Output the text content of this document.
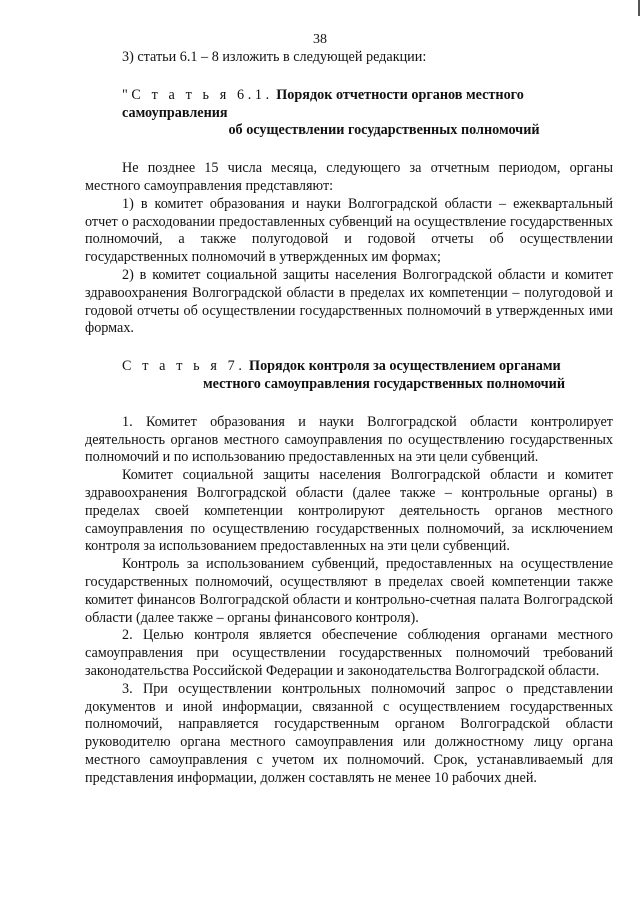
38

3) статьи 6.1 – 8 изложить в следующей редакции:

"С т а т ь я 6.1. Порядок отчетности органов местного самоуправления

об осуществлении государственных полномочий

Не позднее 15 числа месяца, следующего за отчетным периодом, органы местного самоуправления представляют:

1) в комитет образования и науки Волгоградской области – ежеквартальный отчет о расходовании предоставленных субвенций на осуществление государственных полномочий, а также полугодовой и годовой отчеты об осуществлении государственных полномочий в утвержденных им формах;

2) в комитет социальной защиты населения Волгоградской области и комитет здравоохранения Волгоградской области в пределах их компетенции – полугодовой и годовой отчеты об осуществлении государственных полномочий в утвержденных ими формах.

С т а т ь я 7. Порядок контроля за осуществлением органами

местного самоуправления государственных полномочий

1. Комитет образования и науки Волгоградской области контролирует деятельность органов местного самоуправления по осуществлению государственных полномочий и по использованию предоставленных на эти цели субвенций.

Комитет социальной защиты населения Волгоградской области и комитет здравоохранения Волгоградской области (далее также – контрольные органы) в пределах своей компетенции контролируют деятельность органов местного самоуправления по осуществлению государственных полномочий, за исключением контроля за использованием предоставленных на эти цели субвенций.

Контроль за использованием субвенций, предоставленных на осуществление государственных полномочий, осуществляют в пределах своей компетенции также комитет финансов Волгоградской области и контрольно-счетная палата Волгоградской области (далее также – органы финансового контроля).

2. Целью контроля является обеспечение соблюдения органами местного самоуправления при осуществлении государственных полномочий требований законодательства Российской Федерации и законодательства Волгоградской области.

3. При осуществлении контрольных полномочий запрос о представлении документов и иной информации, связанной с осуществлением государственных полномочий, направляется государственным органом Волгоградской области руководителю органа местного самоуправления или должностному лицу органа местного самоуправления с учетом их полномочий. Срок, устанавливаемый для представления информации, должен составлять не менее 10 рабочих дней.
